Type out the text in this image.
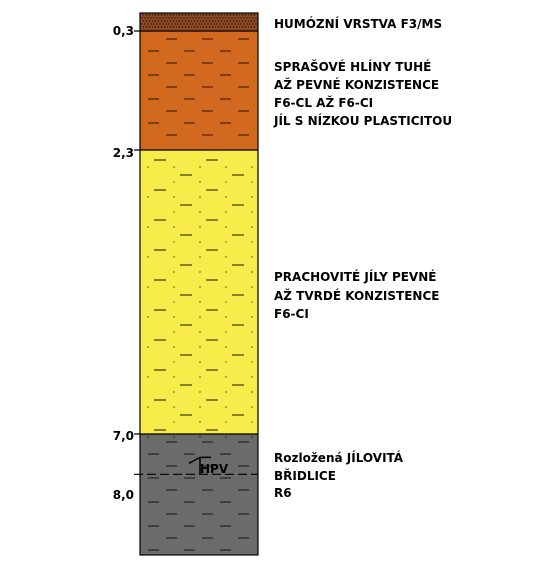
0,3
2,3
7,0
8,0
HUMÓZNÍ VRSTVA F3/MS
SPRAŠOVÉ HLÍNY TUHÉ
AŽ PEVNÉ KONZISTENCE
F6-CL AŽ F6-CI
JÍL S NÍZKOU PLASTICITOU
PRACHOVITÉ JÍLY PEVNÉ
AŽ TVRDÉ KONZISTENCE
F6-CI
Rozložená JÍLOVITÁ
BŘIDLICE
R6
HPV
